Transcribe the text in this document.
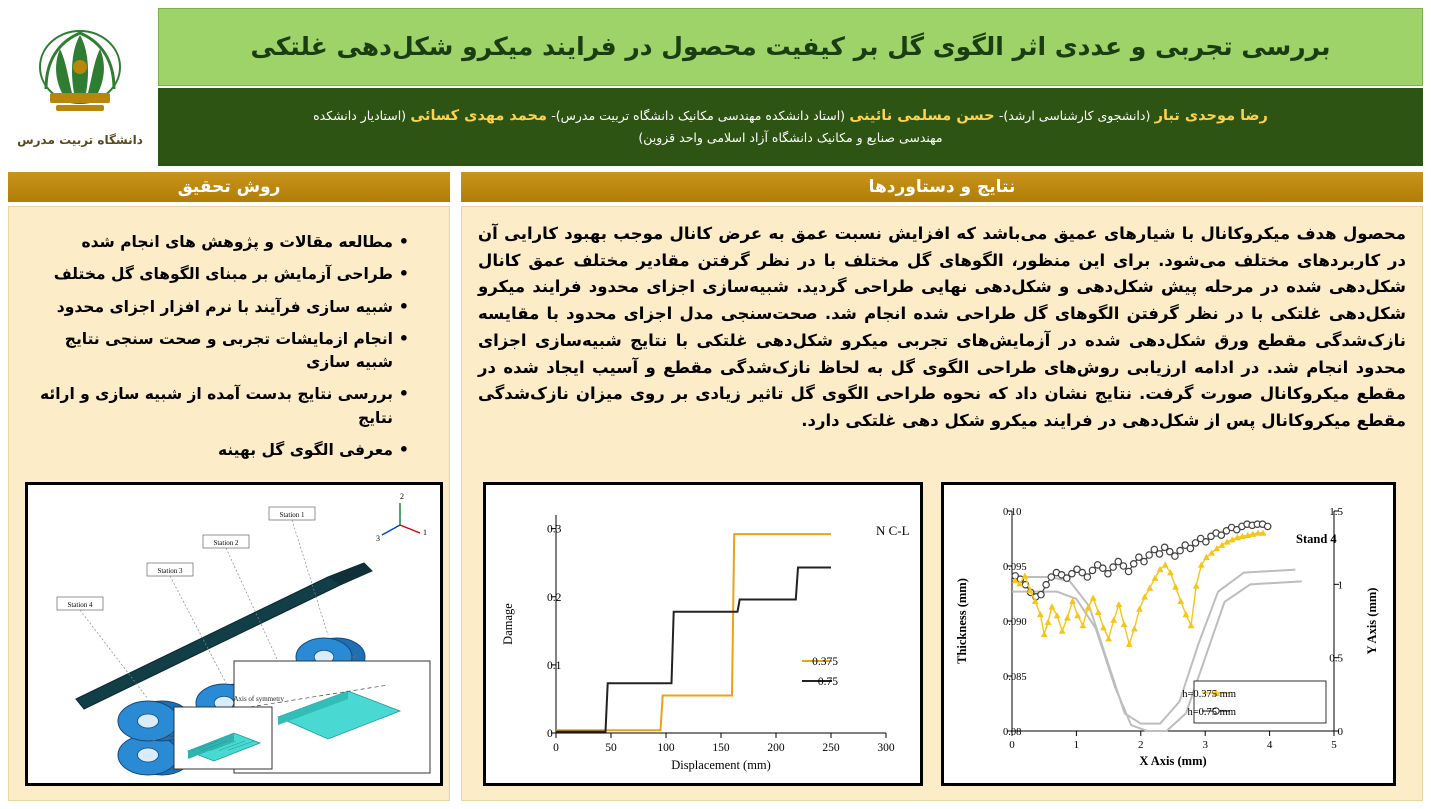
بررسی تجربی و عددی اثر الگوی گل بر کیفیت محصول در فرایند میکرو شکل‌دهی غلتکی
رضا موحدی تبار (دانشجوی کارشناسی ارشد)- حسن مسلمی نائینی (استاد دانشکده مهندسی مکانیک دانشگاه تربیت مدرس)- محمد مهدی کسائی (استادیار دانشکده
مهندسی صنایع و مکانیک دانشگاه آزاد اسلامی واحد قزوین)
دانشگاه تربیت مدرس
نتایج و دستاوردها
روش تحقیق
محصول هدف میکروکانال با شیارهای عمیق می‌باشد که افزایش نسبت عمق به عرض کانال موجب بهبود کارایی آن در کاربردهای مختلف می‌شود. برای این منظور، الگوهای گل مختلف با در نظر گرفتن مقادیر مختلف عمق کانال شکل‌دهی شده در مرحله پیش شکل‌دهی و شکل‌دهی نهایی طراحی گردید. شبیه‌سازی اجزای محدود فرایند میکرو شکل‌دهی غلتکی با در نظر گرفتن الگوهای گل طراحی شده انجام شد. صحت‌سنجی مدل اجزای محدود با مقایسه نازک‌شدگی مقطع ورق شکل‌دهی شده در آزمایش‌های تجربی میکرو شکل‌دهی غلتکی با نتایج شبیه‌سازی اجزای محدود انجام شد. در ادامه ارزیابی روش‌های طراحی الگوی گل به لحاظ نازک‌شدگی مقطع و آسیب ایجاد شده در مقطع میکروکانال صورت گرفت. نتایج نشان داد که نحوه طراحی الگوی گل تاثیر زیادی بر روی میزان نازک‌شدگی مقطع میکروکانال پس از شکل‌دهی در فرایند میکرو شکل دهی غلتکی دارد.
• مطالعه مقالات و پژوهش های انجام شده
• طراحی آزمایش بر مبنای الگوهای گل مختلف
• شبیه سازی فرآیند با نرم افزار اجزای محدود
• انجام ازمایشات تجربی و صحت سنجی نتایج شبیه سازی
• بررسی نتایج بدست آمده از شبیه سازی و ارائه نتایج
• معرفی الگوی گل بهینه
0	1	2	3	4	5
0.08
0.085
0.090
0.095
0.10
0
0.5
1
1.5
X Axis (mm)
Thickness (mm)	Y Axis (mm)
Stand 4
h=0.375 mm
h=0.75 mm
0	50	100	150	200	250	300
0
0.1
0.2
0.3
Displacement (mm)
Damage
N C-L
0.375
0.75
Station 1
Station 2
Station 3
Station 4
Axis of symmetry
2
1
3
